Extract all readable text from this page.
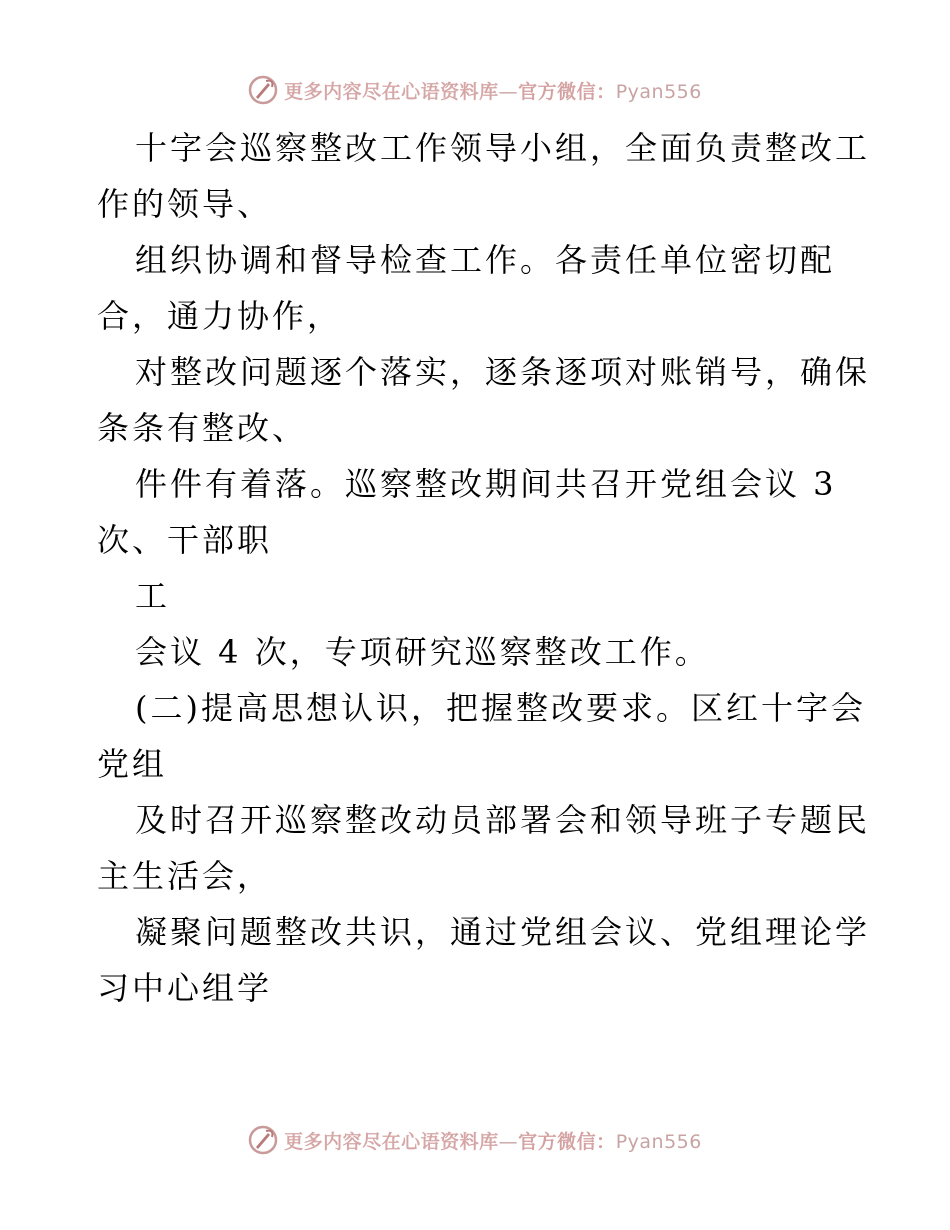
更多内容尽在心语资料库—官方微信：Pyan556
十字会巡察整改工作领导小组，全面负责整改工
作的领导、
组织协调和督导检查工作。各责任单位密切配
合，通力协作，
对整改问题逐个落实，逐条逐项对账销号，确保
条条有整改、
件件有着落。巡察整改期间共召开党组会议 3
次、干部职
工
会议 4 次，专项研究巡察整改工作。
(二)提高思想认识，把握整改要求。区红十字会
党组
及时召开巡察整改动员部署会和领导班子专题民
主生活会，
凝聚问题整改共识，通过党组会议、党组理论学
习中心组学
更多内容尽在心语资料库—官方微信：Pyan556
